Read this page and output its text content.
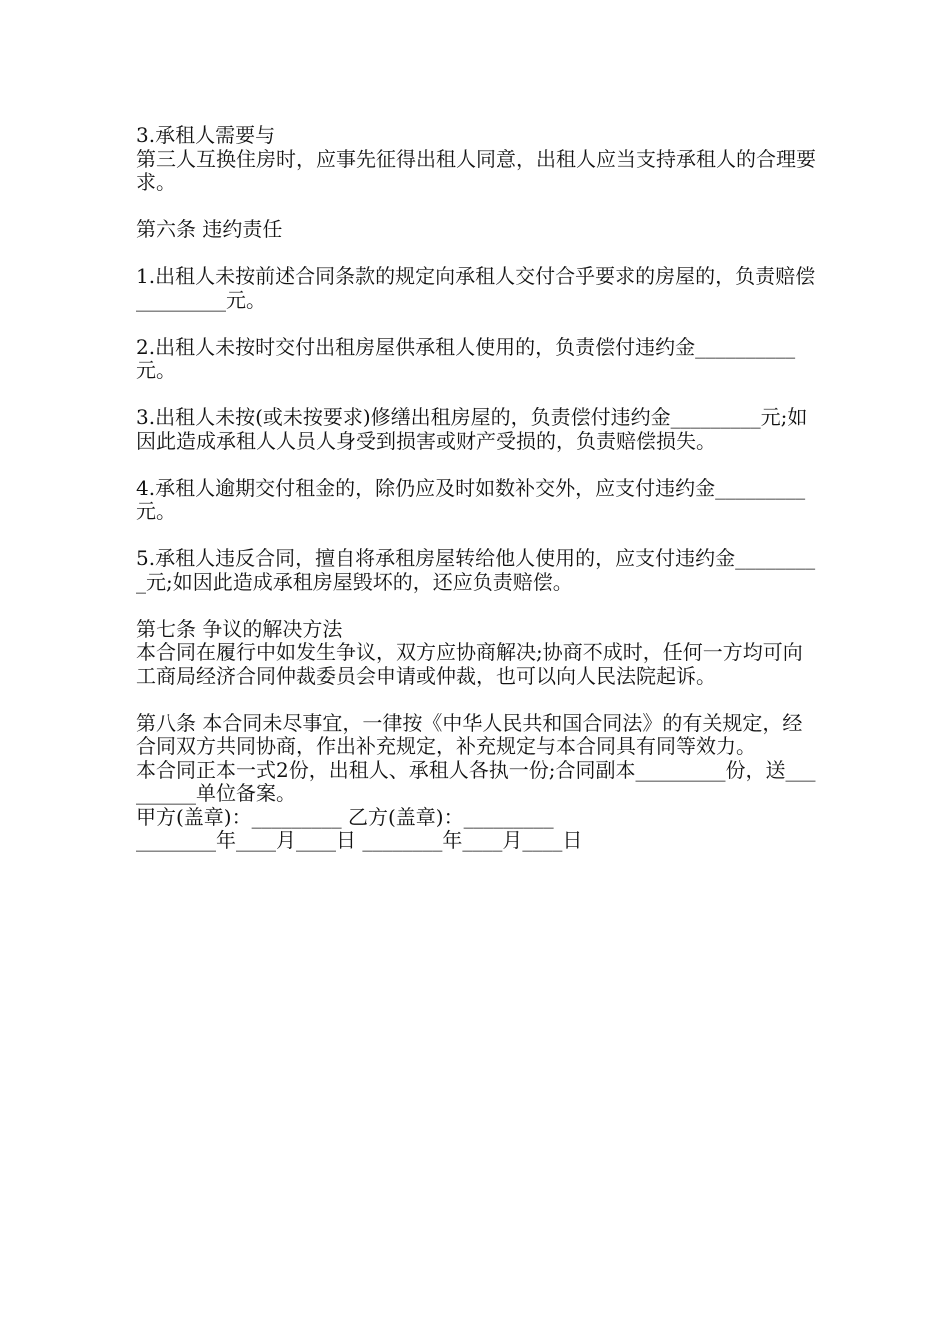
3.承租人需要与
第三人互换住房时，应事先征得出租人同意，出租人应当支持承租人的合理要求。
第六条 违约责任
1.出租人未按前述合同条款的规定向承租人交付合乎要求的房屋的，负责赔偿_________元。
2.出租人未按时交付出租房屋供承租人使用的，负责偿付违约金__________元。
3.出租人未按(或未按要求)修缮出租房屋的，负责偿付违约金_________元;如因此造成承租人人员人身受到损害或财产受损的，负责赔偿损失。
4.承租人逾期交付租金的，除仍应及时如数补交外，应支付违约金_________元。
5.承租人违反合同，擅自将承租房屋转给他人使用的，应支付违约金_________元;如因此造成承租房屋毁坏的，还应负责赔偿。
第七条 争议的解决方法
本合同在履行中如发生争议，双方应协商解决;协商不成时，任何一方均可向工商局经济合同仲裁委员会申请或仲裁，也可以向人民法院起诉。
第八条 本合同未尽事宜，一律按《中华人民共和国合同法》的有关规定，经合同双方共同协商，作出补充规定，补充规定与本合同具有同等效力。
本合同正本一式2份，出租人、承租人各执一份;合同副本_________份，送_________单位备案。
甲方(盖章)：_________ 乙方(盖章)：_________
________年____月____日 ________年____月____日
